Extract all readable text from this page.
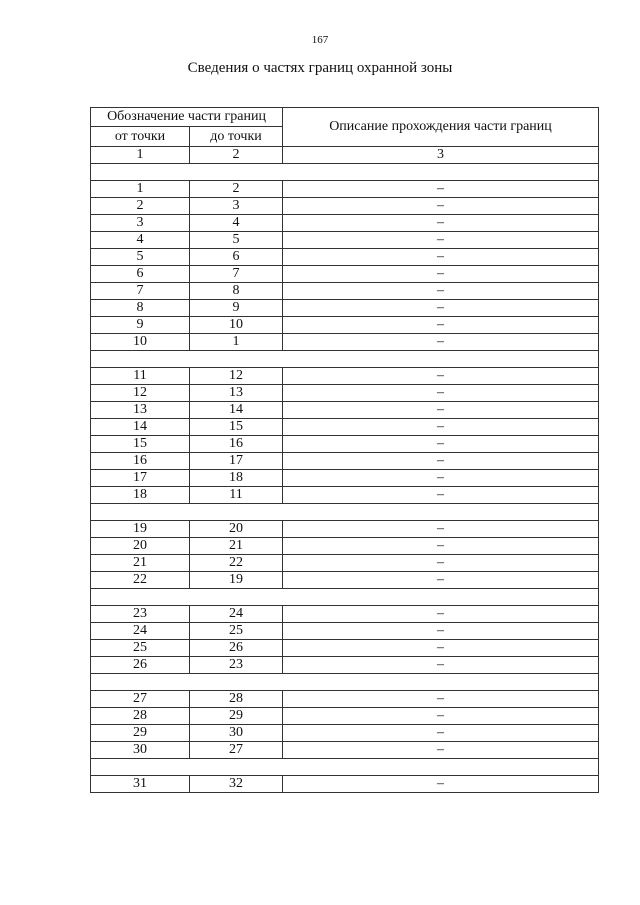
167
Сведения о частях границ охранной зоны
Обозначение части границ		Описание прохождения части границ
от точки	до точки	
1	2	3

1	2	–
2	3	–
3	4	–
4	5	–
5	6	–
6	7	–
7	8	–
8	9	–
9	10	–
10	1	–

11	12	–
12	13	–
13	14	–
14	15	–
15	16	–
16	17	–
17	18	–
18	11	–

19	20	–
20	21	–
21	22	–
22	19	–

23	24	–
24	25	–
25	26	–
26	23	–

27	28	–
28	29	–
29	30	–
30	27	–

31	32	–
